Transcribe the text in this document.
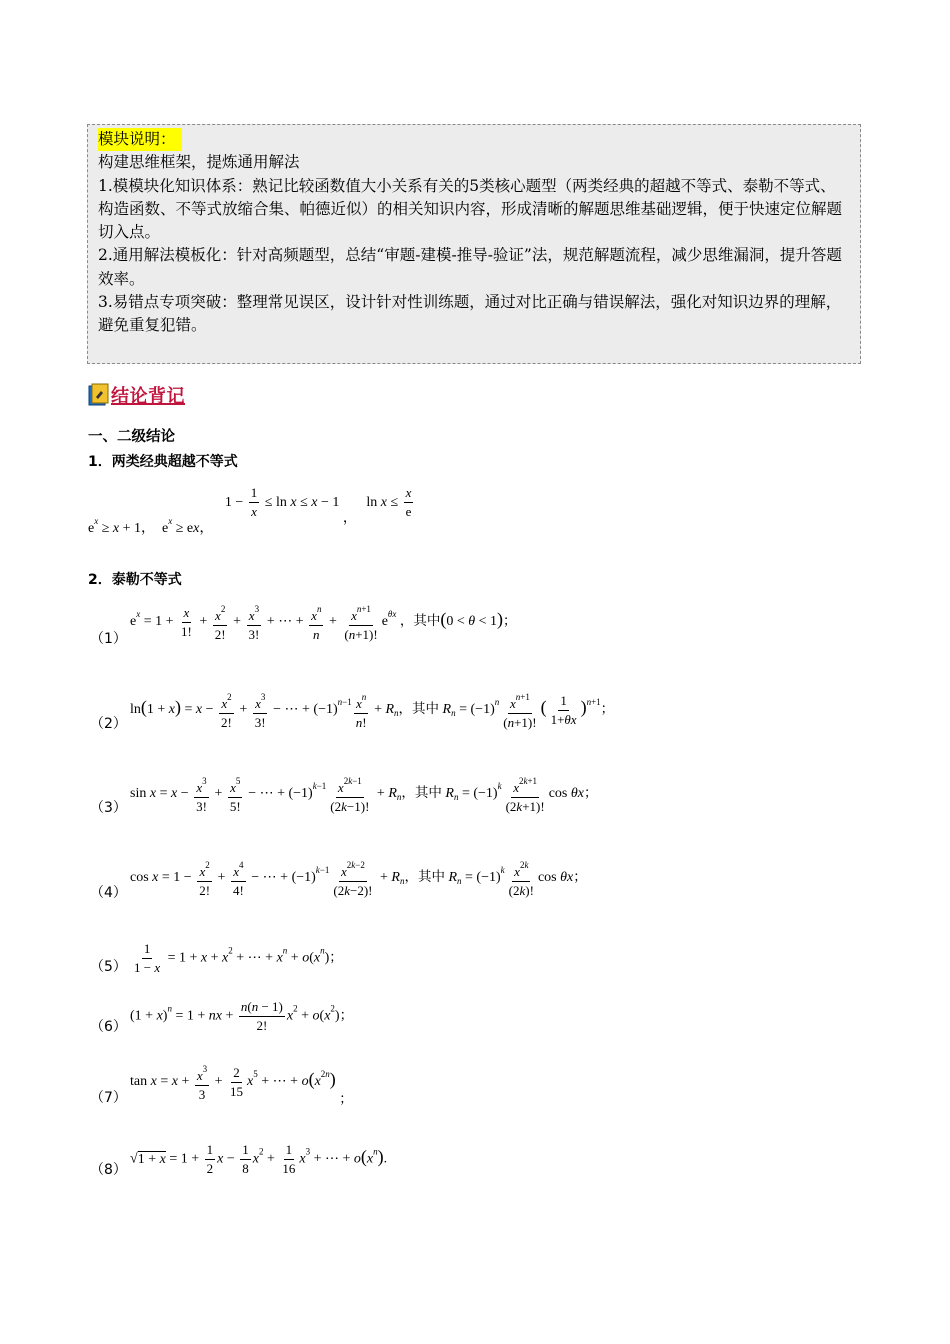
模块说明：

构建思维框架，提炼通用解法

1.模模块化知识体系：熟记比较函数值大小关系有关的5类核心题型（两类经典的超越不等式、泰勒不等式、构造函数、不等式放缩合集、帕德近似）的相关知识内容，形成清晰的解题思维基础逻辑，便于快速定位解题切入点。

2.通用解法模板化：针对高频题型，总结“审题-建模-推导-验证”法，规范解题流程，减少思维漏洞，提升答题效率。

3.易错点专项突破：整理常见误区，设计针对性训练题，通过对比正确与错误解法，强化对知识边界的理解，避免重复犯错。

结论背记
一、二级结论
1．两类经典超越不等式
$e^x \ge x + 1$，  $e^x$ ≥ ex， $1 - \frac{1}{x} \le \ln x \le x - 1$ ， $\ln x \le \frac{x}{e}$
2．泰勒不等式
（1）
$e^x = 1 + \frac{x}{1!} + \frac{x^2}{2!} + \frac{x^3}{3!}$ + ⋯ + $\frac{x^n}{n} + \frac{x^{n+1}}{(n+1)!} e^{\theta x}$ ，其中(0 < θ < 1)；
（2）
$\ln(1 + x) = x - \frac{x^2}{2!} + \frac{x^3}{3!}$ − ⋯ + $(-1)^{n-1} \frac{x^n}{n!} + R_n$，其中 $R_n = (-1)^n \frac{x^{n+1}}{(n+1)!}$ ( $\frac{1}{1+\theta x} )^{n+1}$；
（3）
$\sin x = x - \frac{x^3}{3!} + \frac{x^5}{5!}$ − ⋯ + $(-1)^{k-1} \frac{x^{2k-1}}{(2k-1)!} + R_n$，其中 $R_n = (-1)^k \frac{x^{2k+1}}{(2k+1)!}$ cos θx；
（4）
$\cos x = 1 - \frac{x^2}{2!} + \frac{x^4}{4!}$ − ⋯ + $(-1)^{k-1} \frac{x^{2k-2}}{(2k-2)!} + R_n$，其中 $R_n = (-1)^k \frac{x^{2k}}{(2k)!}$ cos θx；
$(5) \frac{1}{1 - x} = 1 + x + x^2$ + ⋯ + $x^n + o(x^n)$；
（6）
$(1 + x)^n = 1$ + nx + $\frac{n(n - 1)}{2!} x^2 + o(x^2)$；
（7）
$\tan x = x + \frac{x^3}{3} + \frac{2}{15} x^5$ + ⋯ + $o(x^{2n})$ ；
（8）
$√1 + x = 1 + \frac{1}{2}$ $x - \frac{1}{8} x^2 + \frac{1}{16} x^3$ + ⋯ + $o(x^n)$.
